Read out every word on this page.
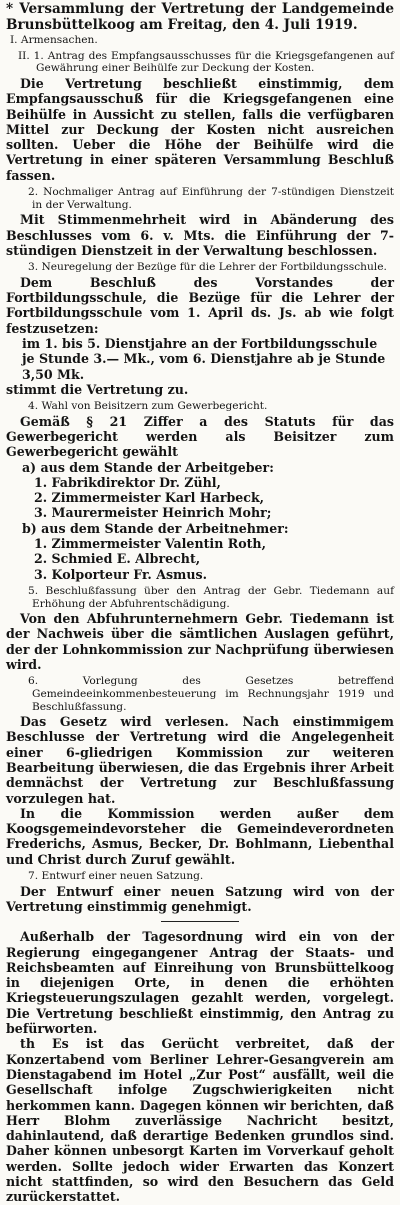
* Versammlung der Vertretung der Landgemeinde Brunsbüttelkoog am Freitag, den 4. Juli 1919.

I. Armensachen.

II. 1. Antrag des Empfangsausschusses für die Kriegsgefangenen auf Gewährung einer Beihülfe zur Deckung der Kosten.

Die Vertretung beschließt einstimmig, dem Empfangsausschuß für die Kriegsgefangenen eine Beihülfe in Aussicht zu stellen, falls die verfügbaren Mittel zur Deckung der Kosten nicht ausreichen sollten. Ueber die Höhe der Beihülfe wird die Vertretung in einer späteren Versammlung Beschluß fassen.

2. Nochmaliger Antrag auf Einführung der 7-stündigen Dienstzeit in der Verwaltung.

Mit Stimmenmehrheit wird in Abänderung des Beschlusses vom 6. v. Mts. die Einführung der 7-stündigen Dienstzeit in der Verwaltung beschlossen.

3. Neuregelung der Bezüge für die Lehrer der Fortbildungsschule.

Dem Beschluß des Vorstandes der Fortbildungsschule, die Bezüge für die Lehrer der Fortbildungsschule vom 1. April ds. Js. ab wie folgt festzusetzen:

im 1. bis 5. Dienstjahre an der Fortbildungsschule je Stunde 3.— Mk., vom 6. Dienstjahre ab je Stunde 3,50 Mk.

stimmt die Vertretung zu.

4. Wahl von Beisitzern zum Gewerbegericht.

Gemäß § 21 Ziffer a des Statuts für das Gewerbegericht werden als Beisitzer zum Gewerbegericht gewählt

a) aus dem Stande der Arbeitgeber:

1. Fabrikdirektor Dr. Zühl,

2. Zimmermeister Karl Harbeck,

3. Maurermeister Heinrich Mohr;

b) aus dem Stande der Arbeitnehmer:

1. Zimmermeister Valentin Roth,

2. Schmied E. Albrecht,

3. Kolporteur Fr. Asmus.

5. Beschlußfassung über den Antrag der Gebr. Tiedemann auf Erhöhung der Abfuhrentschädigung.

Von den Abfuhrunternehmern Gebr. Tiedemann ist der Nachweis über die sämtlichen Auslagen geführt, der der Lohnkommission zur Nachprüfung überwiesen wird.

6. Vorlegung des Gesetzes betreffend Gemeindeeinkommenbesteuerung im Rechnungsjahr 1919 und Beschlußfassung.

Das Gesetz wird verlesen. Nach einstimmigem Beschlusse der Vertretung wird die Angelegenheit einer 6-gliedrigen Kommission zur weiteren Bearbeitung überwiesen, die das Ergebnis ihrer Arbeit demnächst der Vertretung zur Beschlußfassung vorzulegen hat.

In die Kommission werden außer dem Koogsgemeindevorsteher die Gemeindeverordneten Frederichs, Asmus, Becker, Dr. Bohlmann, Liebenthal und Christ durch Zuruf gewählt.

7. Entwurf einer neuen Satzung.

Der Entwurf einer neuen Satzung wird von der Vertretung einstimmig genehmigt.

Außerhalb der Tagesordnung wird ein von der Regierung eingegangener Antrag der Staats- und Reichsbeamten auf Einreihung von Brunsbüttelkoog in diejenigen Orte, in denen die erhöhten Kriegsteuerungszulagen gezahlt werden, vorgelegt. Die Vertretung beschließt einstimmig, den Antrag zu befürworten.

th Es ist das Gerücht verbreitet, daß der Konzertabend vom Berliner Lehrer-Gesangverein am Dienstagabend im Hotel „Zur Post“ ausfällt, weil die Gesellschaft infolge Zugschwierigkeiten nicht herkommen kann. Dagegen können wir berichten, daß Herr Blohm zuverlässige Nachricht besitzt, dahinlautend, daß derartige Bedenken grundlos sind. Daher können unbesorgt Karten im Vorverkauf geholt werden. Sollte jedoch wider Erwarten das Konzert nicht stattfinden, so wird den Besuchern das Geld zurückerstattet.
